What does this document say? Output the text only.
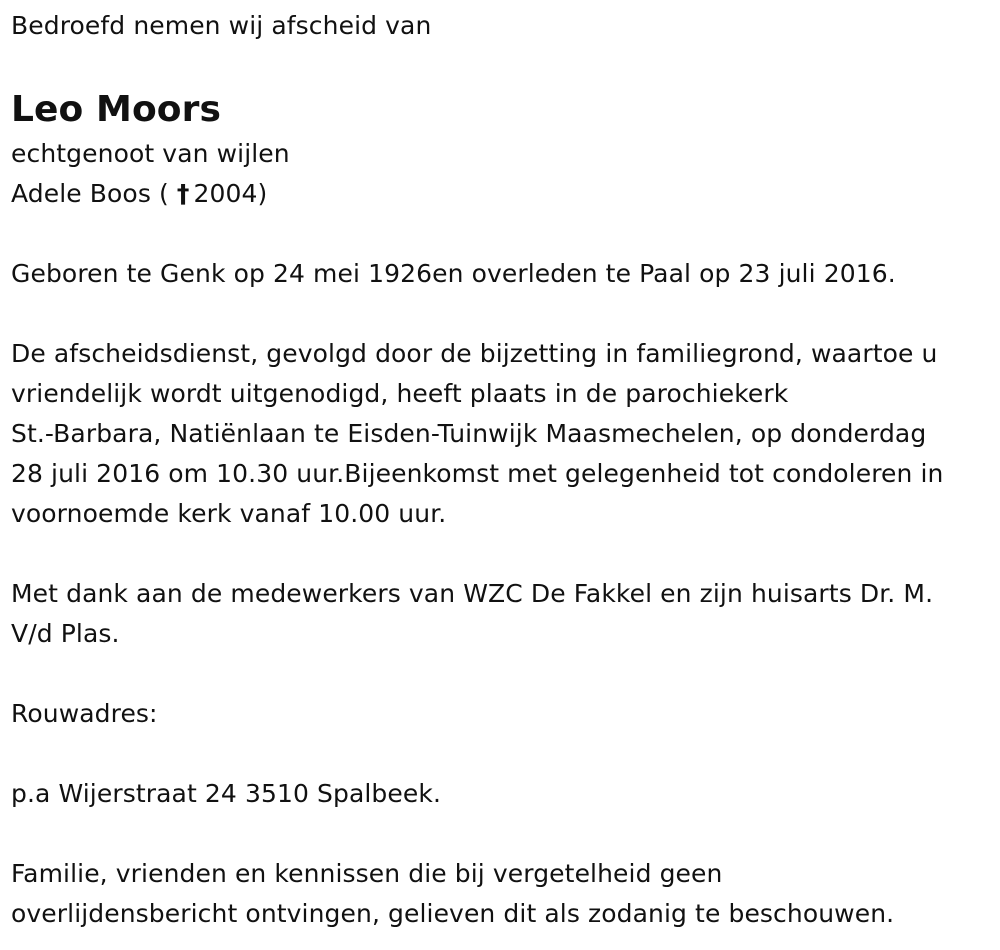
Bedroefd nemen wij afscheid van
Leo Moors
echtgenoot van wijlen
Adele Boos ( † 2004)
Geboren te Genk op 24 mei 1926en overleden te Paal op 23 juli 2016.
De afscheidsdienst, gevolgd door de bijzetting in familiegrond, waartoe u
vriendelijk wordt uitgenodigd, heeft plaats in de parochiekerk
St.-Barbara, Natiënlaan te Eisden-Tuinwijk Maasmechelen, op donderdag
28 juli 2016 om 10.30 uur.Bijeenkomst met gelegenheid tot condoleren in
voornoemde kerk vanaf 10.00 uur.
Met dank aan de medewerkers van WZC De Fakkel en zijn huisarts Dr. M.
V/d Plas.
Rouwadres:
p.a Wijerstraat 24 3510 Spalbeek.
Familie, vrienden en kennissen die bij vergetelheid geen
overlijdensbericht ontvingen, gelieven dit als zodanig te beschouwen.
